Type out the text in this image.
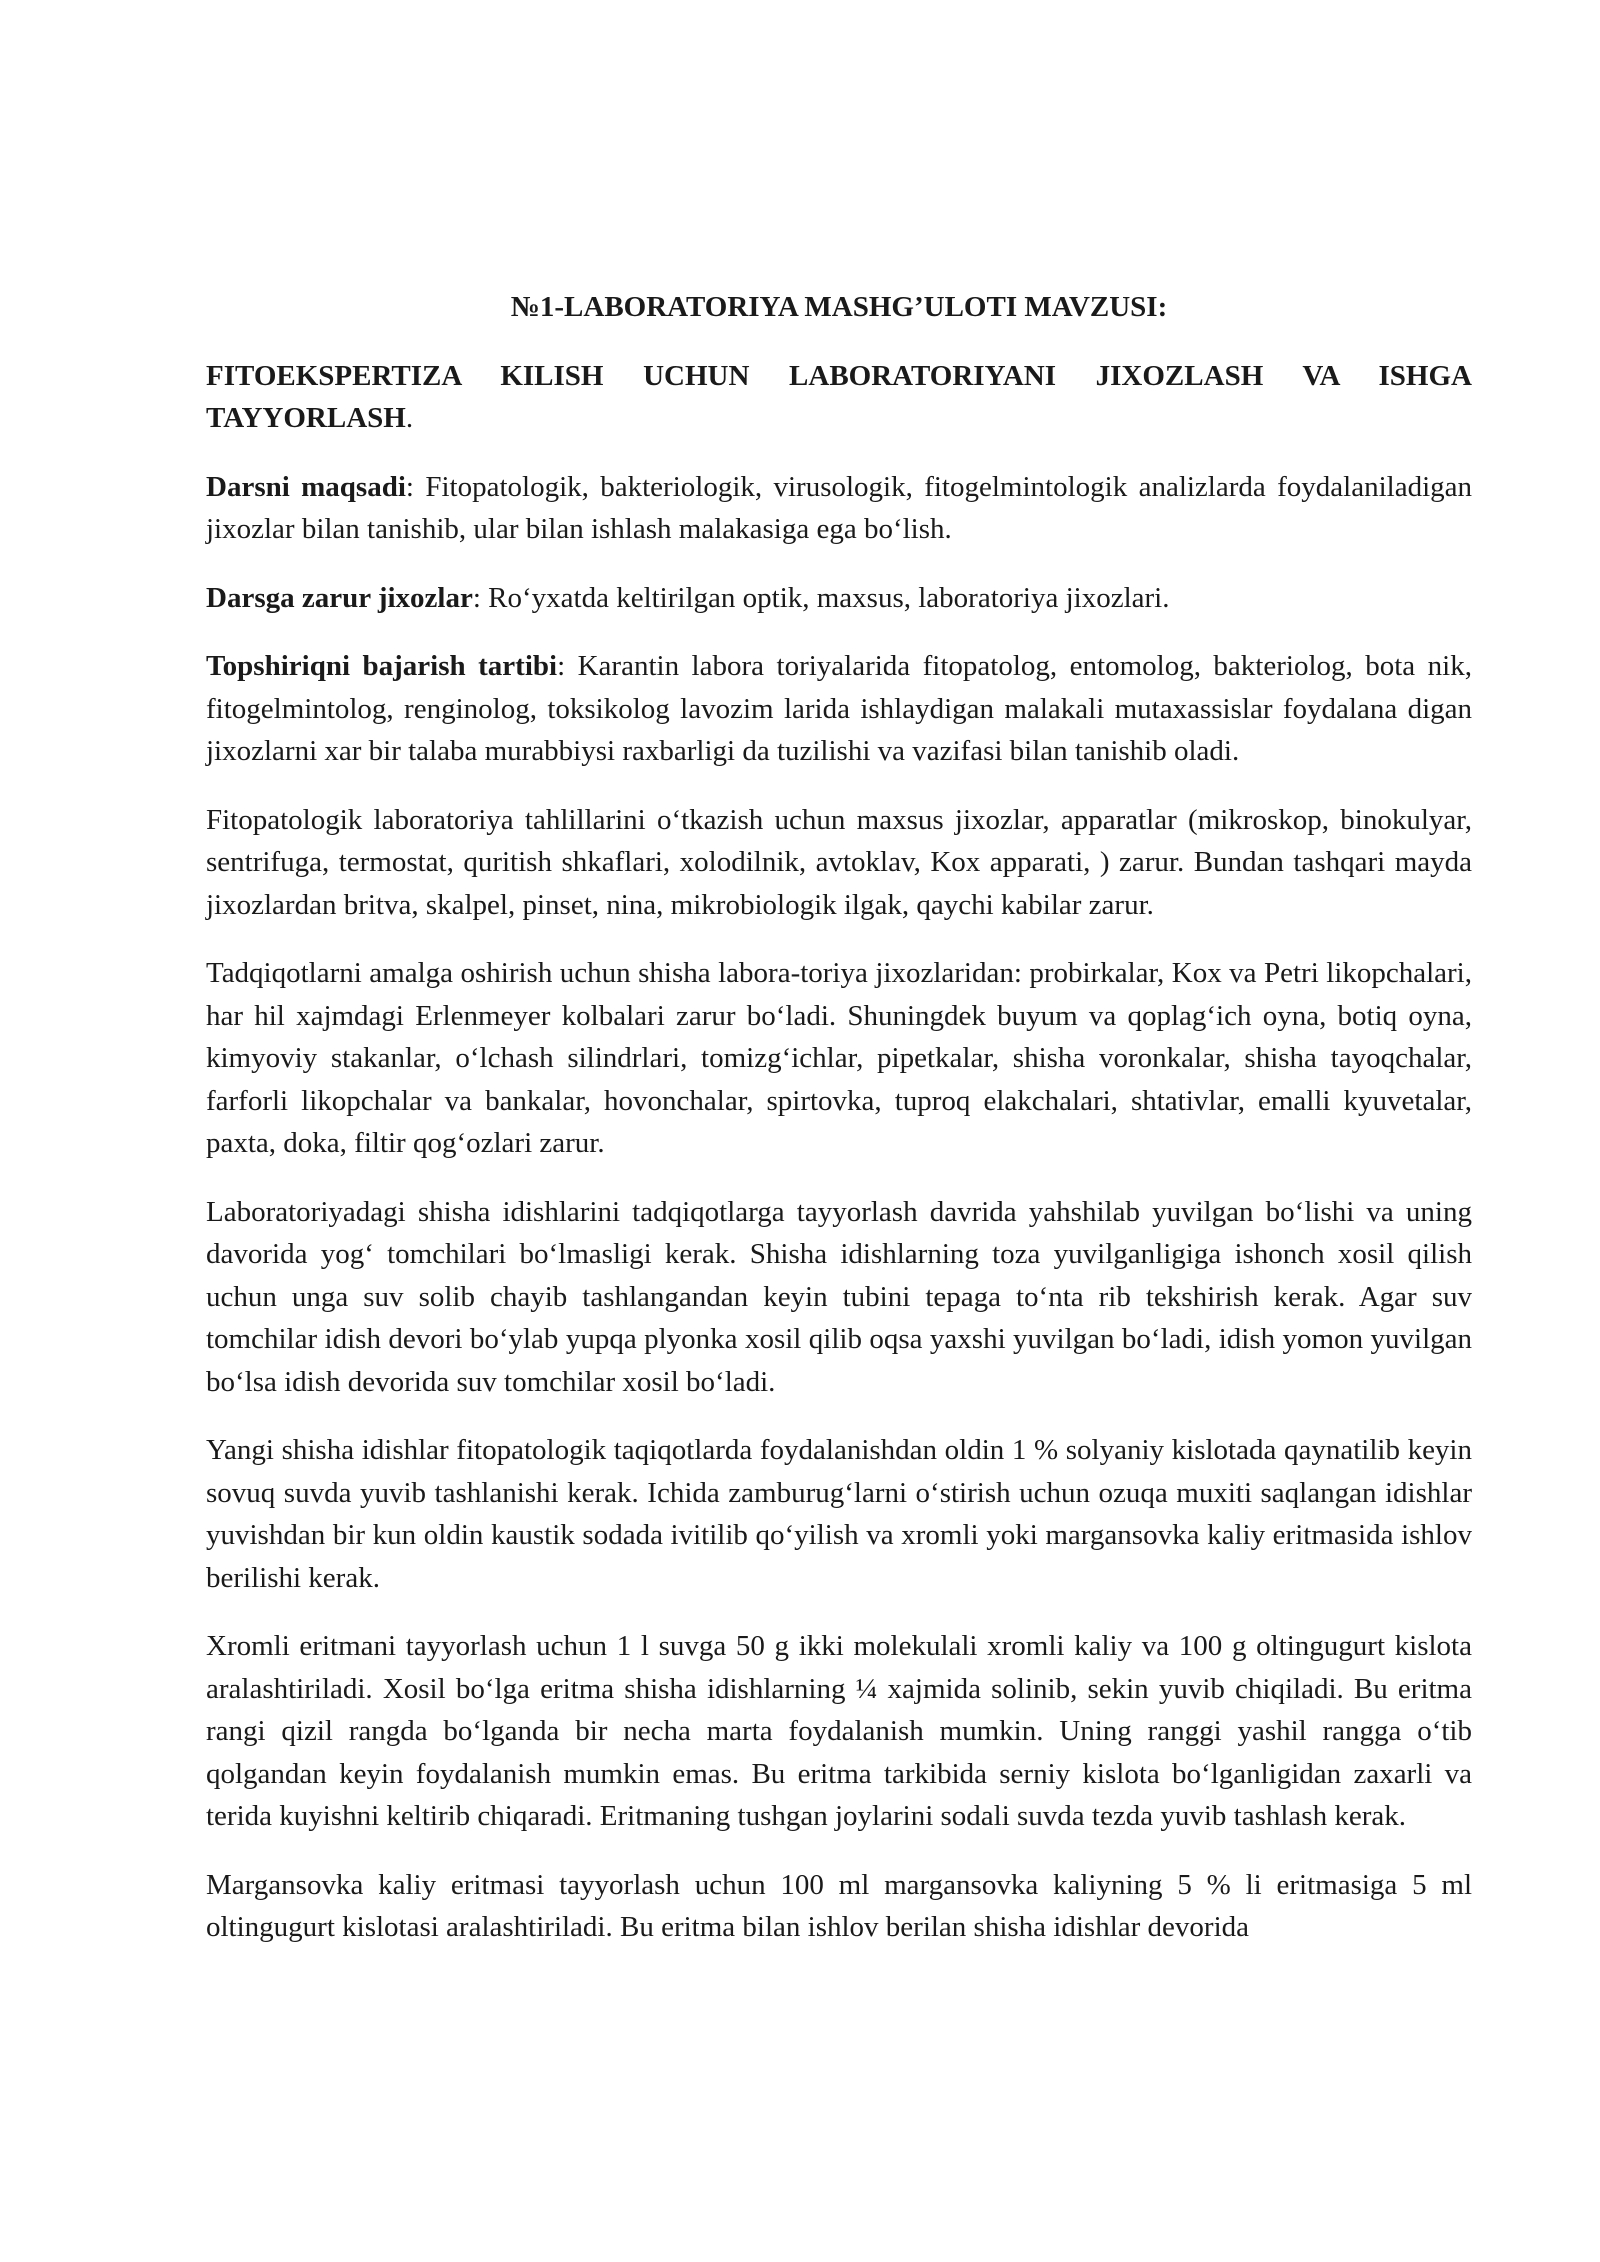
№1-LABORATORIYA MASHG’ULOTI MAVZUSI:
FITOEKSPERTIZA KILISH UCHUN LABORATORIYANI JIXOZLASH VA ISHGA TAYYORLASH.

Darsni maqsadi: Fitopatologik, bakteriologik, virusologik, fitogelmintologik analizlarda foydalaniladigan jixozlar bilan tanishib, ular bilan ishlash malakasiga ega bo‘lish.

Darsga zarur jixozlar: Ro‘yxatda keltirilgan optik, maxsus, laboratoriya jixozlari.

Topshiriqni bajarish tartibi: Karantin labora toriyalarida fitopatolog, entomolog, bakteriolog, bota nik, fitogelmintolog, renginolog, toksikolog lavozim larida ishlaydigan malakali mutaxassislar foydalana digan jixozlarni xar bir talaba murabbiysi raxbarligi da tuzilishi va vazifasi bilan tanishib oladi.

Fitopatologik laboratoriya tahlillarini o‘tkazish uchun maxsus jixozlar, apparatlar (mikroskop, binokulyar, sentrifuga, termostat, quritish shkaflari, xolodilnik, avtoklav, Kox apparati, ) zarur. Bundan tashqari mayda jixozlardan britva, skalpel, pinset, nina, mikrobiologik ilgak, qaychi kabilar zarur.

Tadqiqotlarni amalga oshirish uchun shisha labora-toriya jixozlaridan: probirkalar, Kox va Petri likopchalari, har hil xajmdagi Erlenmeyer kolbalari zarur bo‘ladi. Shuningdek buyum va qoplag‘ich oyna, botiq oyna, kimyoviy stakanlar, o‘lchash silindrlari, tomizg‘ichlar, pipetkalar, shisha voronkalar, shisha tayoqchalar, farforli likopchalar va bankalar, hovonchalar, spirtovka, tuproq elakchalari, shtativlar, emalli kyuvetalar, paxta, doka, filtir qog‘ozlari zarur.

Laboratoriyadagi shisha idishlarini tadqiqotlarga tayyorlash davrida yahshilab yuvilgan bo‘lishi va uning davorida yog‘ tomchilari bo‘lmasligi kerak. Shisha idishlarning toza yuvilganligiga ishonch xosil qilish uchun unga suv solib chayib tashlangandan keyin tubini tepaga to‘nta rib tekshirish kerak. Agar suv tomchilar idish devori bo‘ylab yupqa plyonka xosil qilib oqsa yaxshi yuvilgan bo‘ladi, idish yomon yuvilgan bo‘lsa idish devorida suv tomchilar xosil bo‘ladi.

Yangi shisha idishlar fitopatologik taqiqotlarda foydalanishdan oldin 1 % solyaniy kislotada qaynatilib keyin sovuq suvda yuvib tashlanishi kerak. Ichida zamburug‘larni o‘stirish uchun ozuqa muxiti saqlangan idishlar yuvishdan bir kun oldin kaustik sodada ivitilib qo‘yilish va xromli yoki margansovka kaliy eritmasida ishlov berilishi kerak.

Xromli eritmani tayyorlash uchun 1 l suvga 50 g ikki molekulali xromli kaliy va 100 g oltingugurt kislota aralashtiriladi. Xosil bo‘lga eritma shisha idishlarning ¼ xajmida solinib, sekin yuvib chiqiladi. Bu eritma rangi qizil rangda bo‘lganda bir necha marta foydalanish mumkin. Uning ranggi yashil rangga o‘tib qolgandan keyin foydalanish mumkin emas. Bu eritma tarkibida serniy kislota bo‘lganligidan zaxarli va terida kuyishni keltirib chiqaradi. Eritmaning tushgan joylarini sodali suvda tezda yuvib tashlash kerak.

Margansovka kaliy eritmasi tayyorlash uchun 100 ml margansovka kaliyning 5 % li eritmasiga 5 ml oltingugurt kislotasi aralashtiriladi. Bu eritma bilan ishlov berilan shisha idishlar devorida
